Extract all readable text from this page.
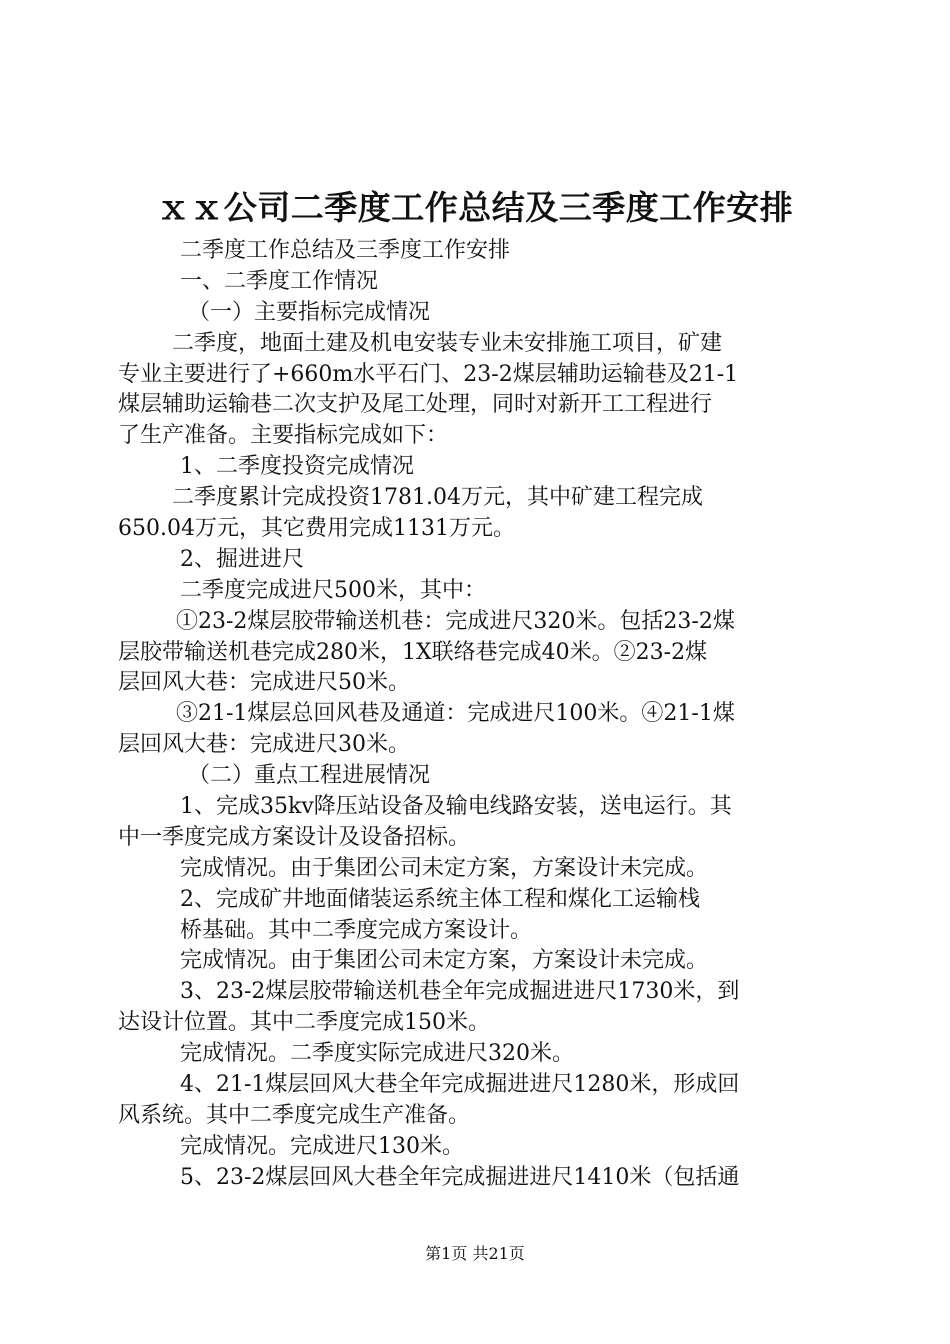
ｘｘ公司二季度工作总结及三季度工作安排
二季度工作总结及三季度工作安排
一、二季度工作情况
（一）主要指标完成情况
二季度，地面土建及机电安装专业未安排施工项目，矿建
专业主要进行了+660m水平石门、23-2煤层辅助运输巷及21-1
煤层辅助运输巷二次支护及尾工处理，同时对新开工工程进行
了生产准备。主要指标完成如下：
1、二季度投资完成情况
二季度累计完成投资1781.04万元，其中矿建工程完成
650.04万元，其它费用完成1131万元。
2、掘进进尺
二季度完成进尺500米，其中：
①23-2煤层胶带输送机巷：完成进尺320米。包括23-2煤
层胶带输送机巷完成280米，1X联络巷完成40米。②23-2煤
层回风大巷：完成进尺50米。
③21-1煤层总回风巷及通道：完成进尺100米。④21-1煤
层回风大巷：完成进尺30米。
（二）重点工程进展情况
1、完成35kv降压站设备及输电线路安装，送电运行。其
中一季度完成方案设计及设备招标。
完成情况。由于集团公司未定方案，方案设计未完成。
2、完成矿井地面储装运系统主体工程和煤化工运输栈
桥基础。其中二季度完成方案设计。
完成情况。由于集团公司未定方案，方案设计未完成。
3、23-2煤层胶带输送机巷全年完成掘进进尺1730米，到
达设计位置。其中二季度完成150米。
完成情况。二季度实际完成进尺320米。
4、21-1煤层回风大巷全年完成掘进进尺1280米，形成回
风系统。其中二季度完成生产准备。
完成情况。完成进尺130米。
5、23-2煤层回风大巷全年完成掘进进尺1410米（包括通
第1页 共21页
